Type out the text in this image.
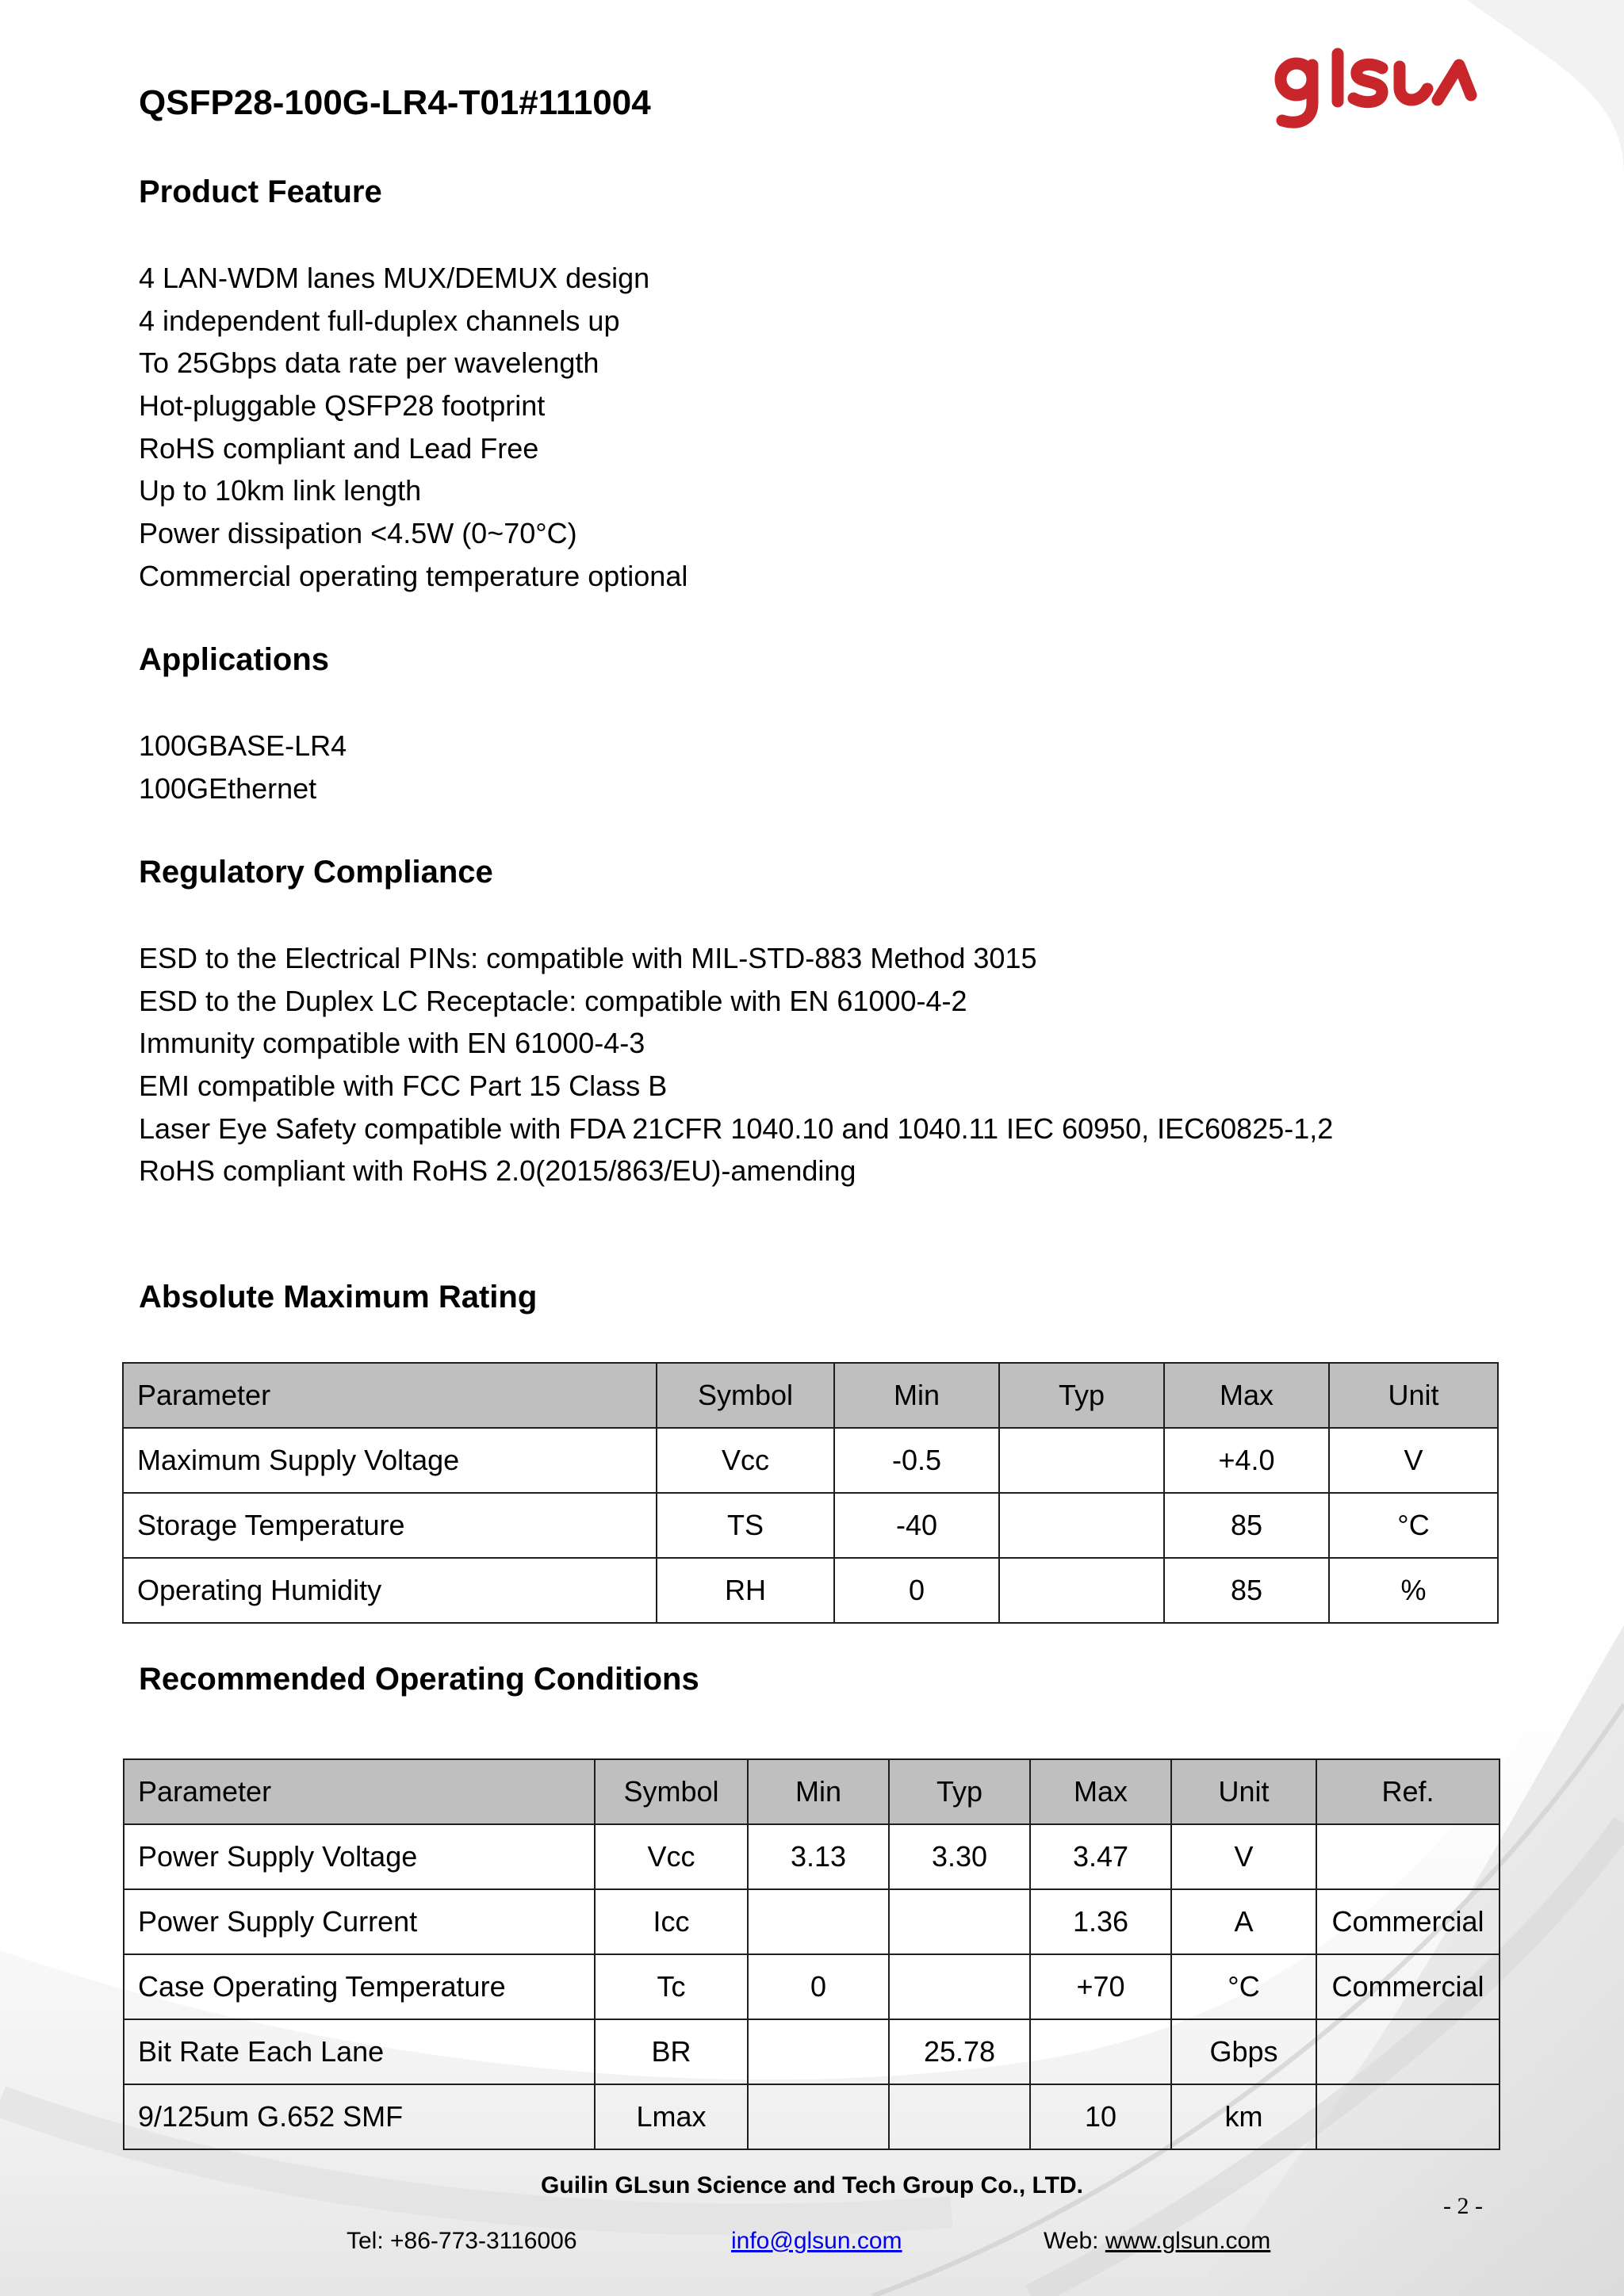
QSFP28-100G-LR4-T01#111004
Product Feature
4 LAN-WDM lanes MUX/DEMUX design
4 independent full-duplex channels up
To 25Gbps data rate per wavelength
Hot-pluggable QSFP28 footprint
RoHS compliant and Lead Free
Up to 10km link length
Power dissipation <4.5W (0~70°C)
Commercial operating temperature optional
Applications
100GBASE-LR4
100GEthernet
Regulatory Compliance
ESD to the Electrical PINs: compatible with MIL-STD-883 Method 3015
ESD to the Duplex LC Receptacle: compatible with EN 61000-4-2
Immunity compatible with EN 61000-4-3
EMI compatible with FCC Part 15 Class B
Laser Eye Safety compatible with FDA 21CFR 1040.10 and 1040.11 IEC 60950, IEC60825-1,2
RoHS compliant with RoHS 2.0(2015/863/EU)-amending
Absolute Maximum Rating
Parameter	Symbol	Min	Typ	Max	Unit
Maximum Supply Voltage	Vcc	-0.5		+4.0	V
Storage Temperature	TS	-40		85	°C
Operating Humidity	RH	0		85	%
Recommended Operating Conditions
Parameter	Symbol	Min	Typ	Max	Unit	Ref.
Power Supply Voltage	Vcc	3.13	3.30	3.47	V	
Power Supply Current	Icc			1.36	A	Commercial
Case Operating Temperature	Tc	0		+70	°C	Commercial
Bit Rate Each Lane	BR		25.78		Gbps	
9/125um G.652 SMF	Lmax			10	km	
Guilin GLsun Science and Tech Group Co., LTD.
- 2 -
Tel: +86-773-3116006	info@glsun.com	Web: www.glsun.com
